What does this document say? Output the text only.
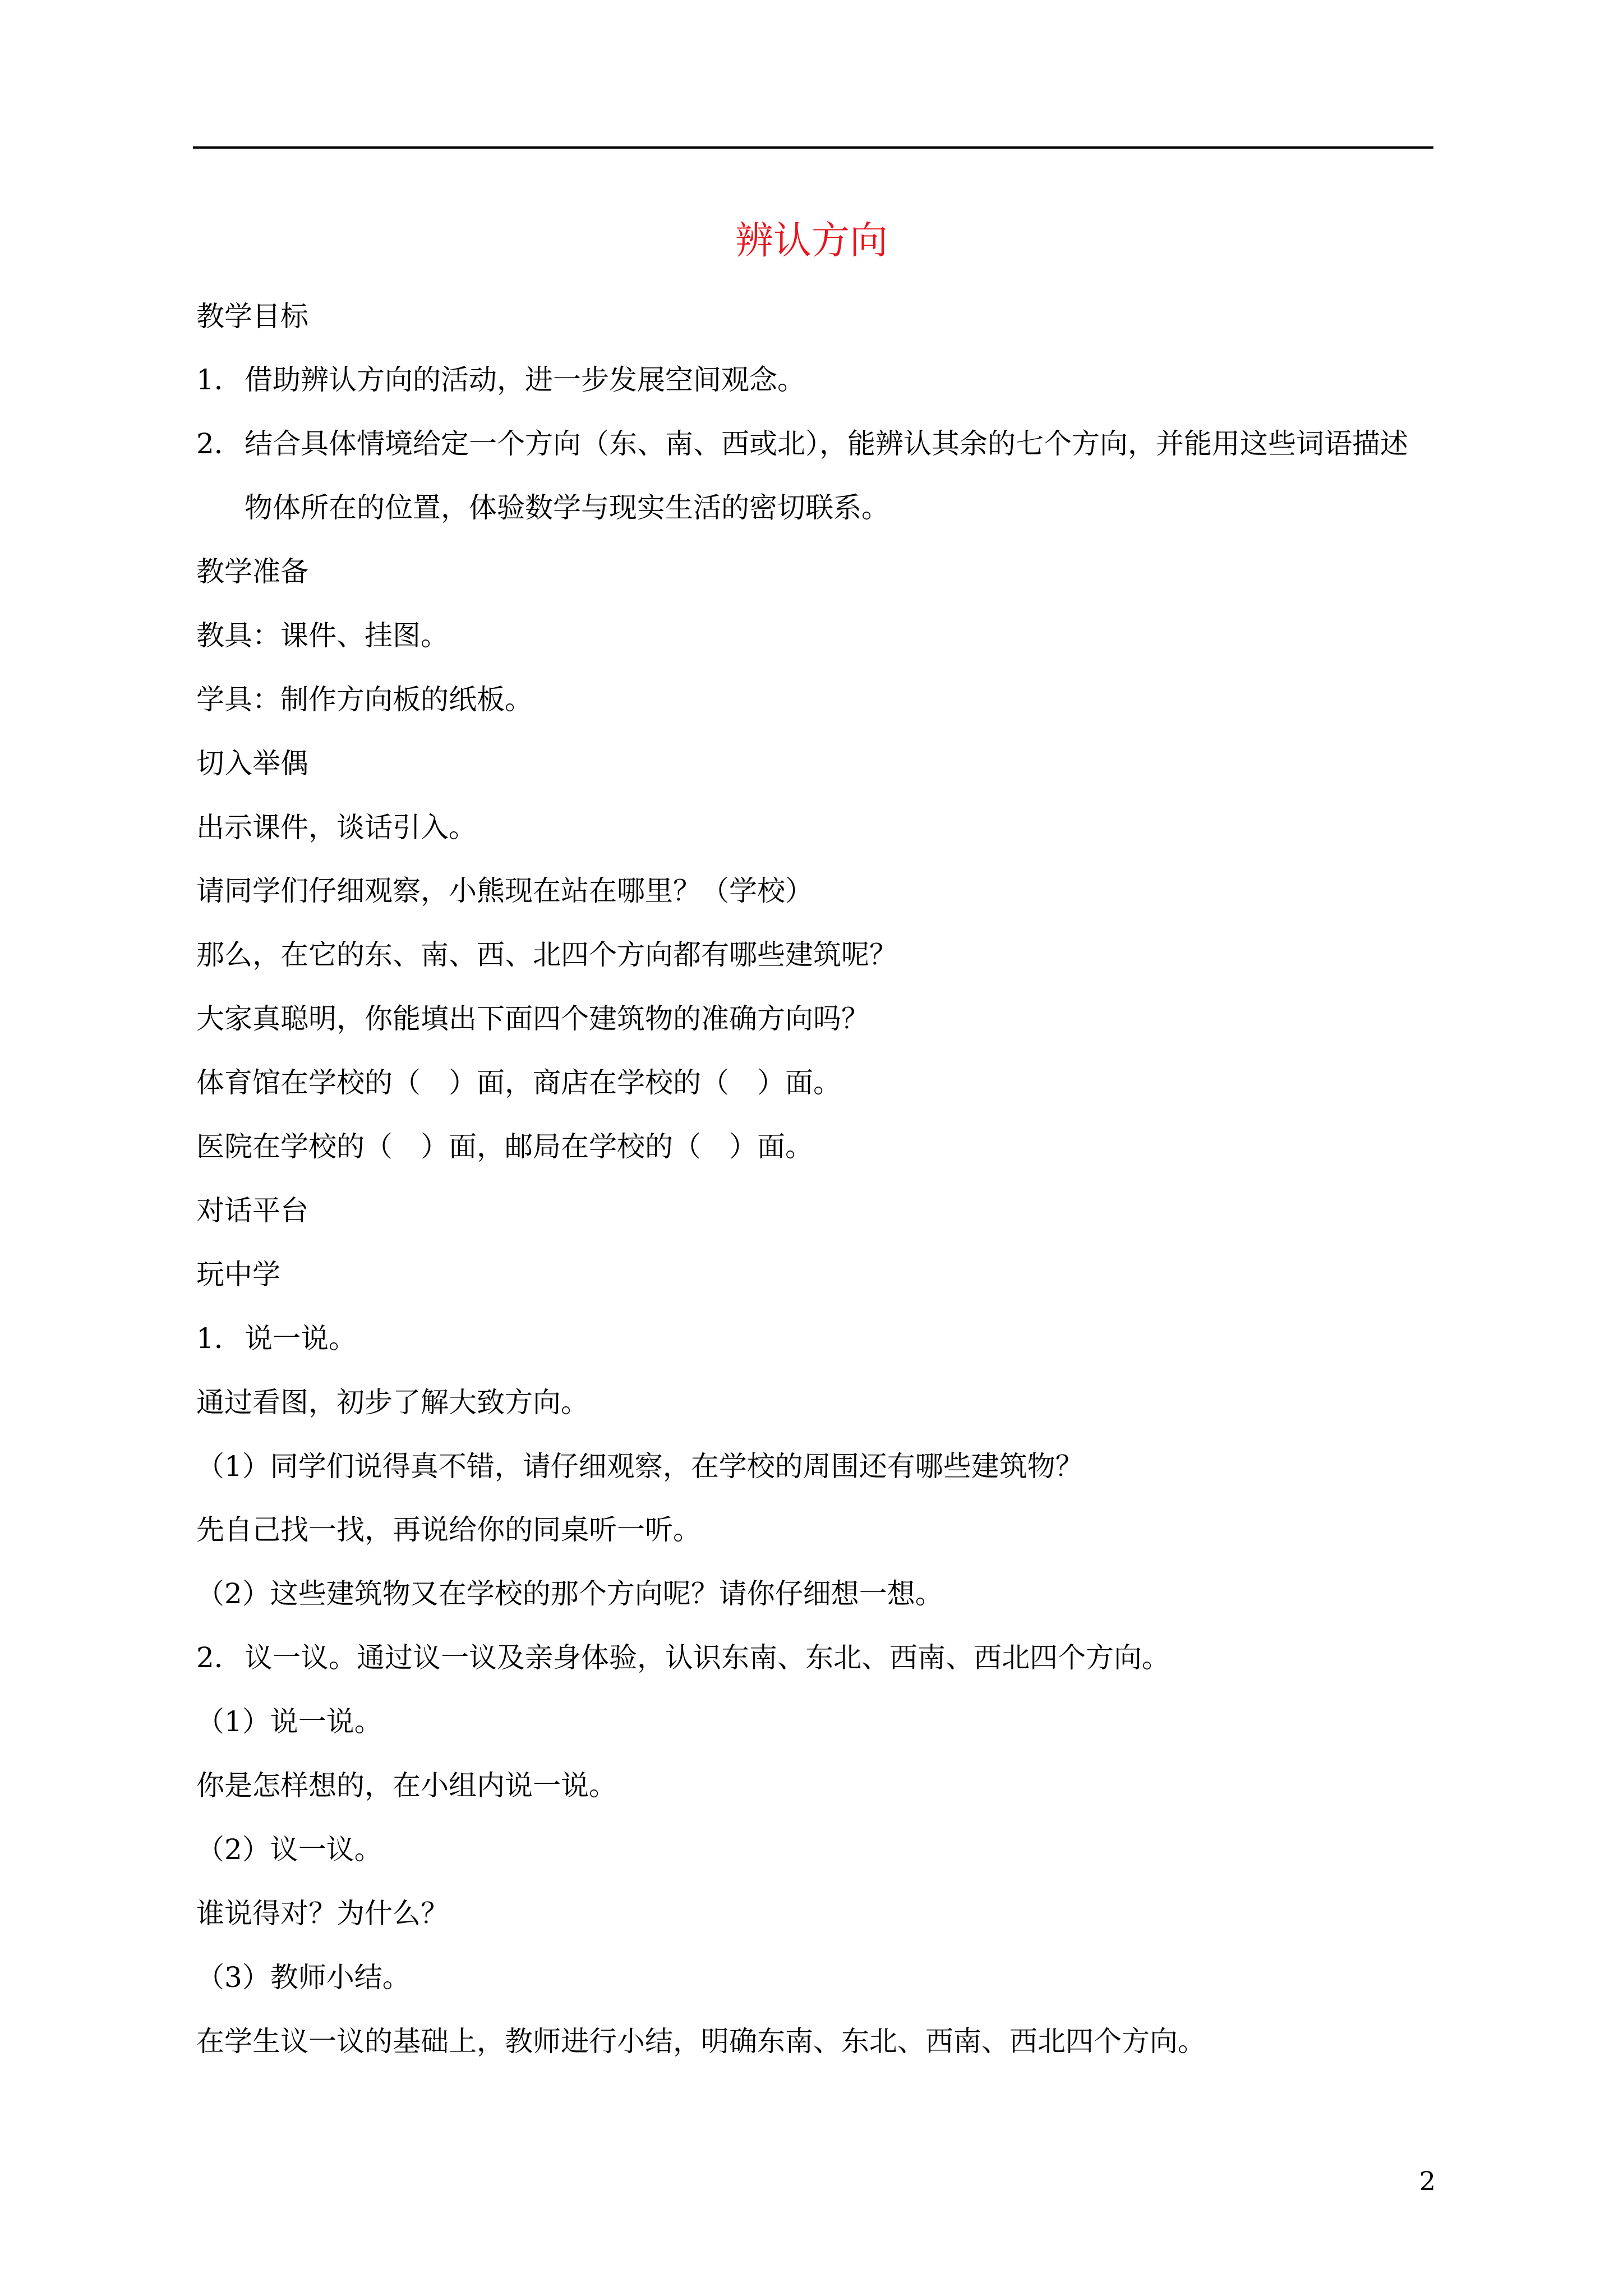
辨认方向
教学目标
1．借助辨认方向的活动，进一步发展空间观念。
2．结合具体情境给定一个方向（东、南、西或北），能辨认其余的七个方向，并能用这些词语描述
物体所在的位置，体验数学与现实生活的密切联系。
教学准备
教具：课件、挂图。
学具：制作方向板的纸板。
切入举偶
出示课件，谈话引入。
请同学们仔细观察，小熊现在站在哪里？（学校）
那么，在它的东、南、西、北四个方向都有哪些建筑呢？
大家真聪明，你能填出下面四个建筑物的准确方向吗？
体育馆在学校的（　）面，商店在学校的（　）面。
医院在学校的（　）面，邮局在学校的（　）面。
对话平台
玩中学
1．说一说。
通过看图，初步了解大致方向。
（1）同学们说得真不错，请仔细观察，在学校的周围还有哪些建筑物？
先自己找一找，再说给你的同桌听一听。
（2）这些建筑物又在学校的那个方向呢？请你仔细想一想。
2．议一议。通过议一议及亲身体验，认识东南、东北、西南、西北四个方向。
（1）说一说。
你是怎样想的，在小组内说一说。
（2）议一议。
谁说得对？为什么？
（3）教师小结。
在学生议一议的基础上，教师进行小结，明确东南、东北、西南、西北四个方向。
2
